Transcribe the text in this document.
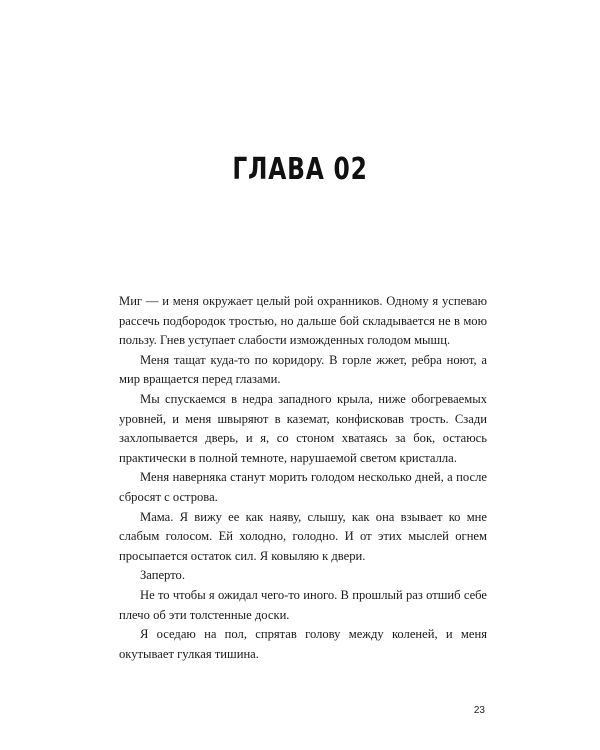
ГЛАВА 02

Миг — и меня окружает целый рой охранников. Одному я успеваю рассечь подбородок тростью, но дальше бой складывается не в мою пользу. Гнев уступает слабости изможденных голодом мышц.

Меня тащат куда-то по коридору. В горле жжет, ребра ноют, а мир вращается перед глазами.

Мы спускаемся в недра западного крыла, ниже обогреваемых уровней, и меня швыряют в каземат, конфисковав трость. Сзади захлопывается дверь, и я, со стоном хватаясь за бок, остаюсь практически в полной темноте, нарушаемой светом кристалла.

Меня наверняка станут морить голодом несколько дней, а после сбросят с острова.

Мама. Я вижу ее как наяву, слышу, как она взывает ко мне слабым голосом. Ей холодно, голодно. И от этих мыслей огнем просыпается остаток сил. Я ковыляю к двери.

Заперто.

Не то чтобы я ожидал чего-то иного. В прошлый раз отшиб себе плечо об эти толстенные доски.

Я оседаю на пол, спрятав голову между коленей, и меня окутывает гулкая тишина.

23
